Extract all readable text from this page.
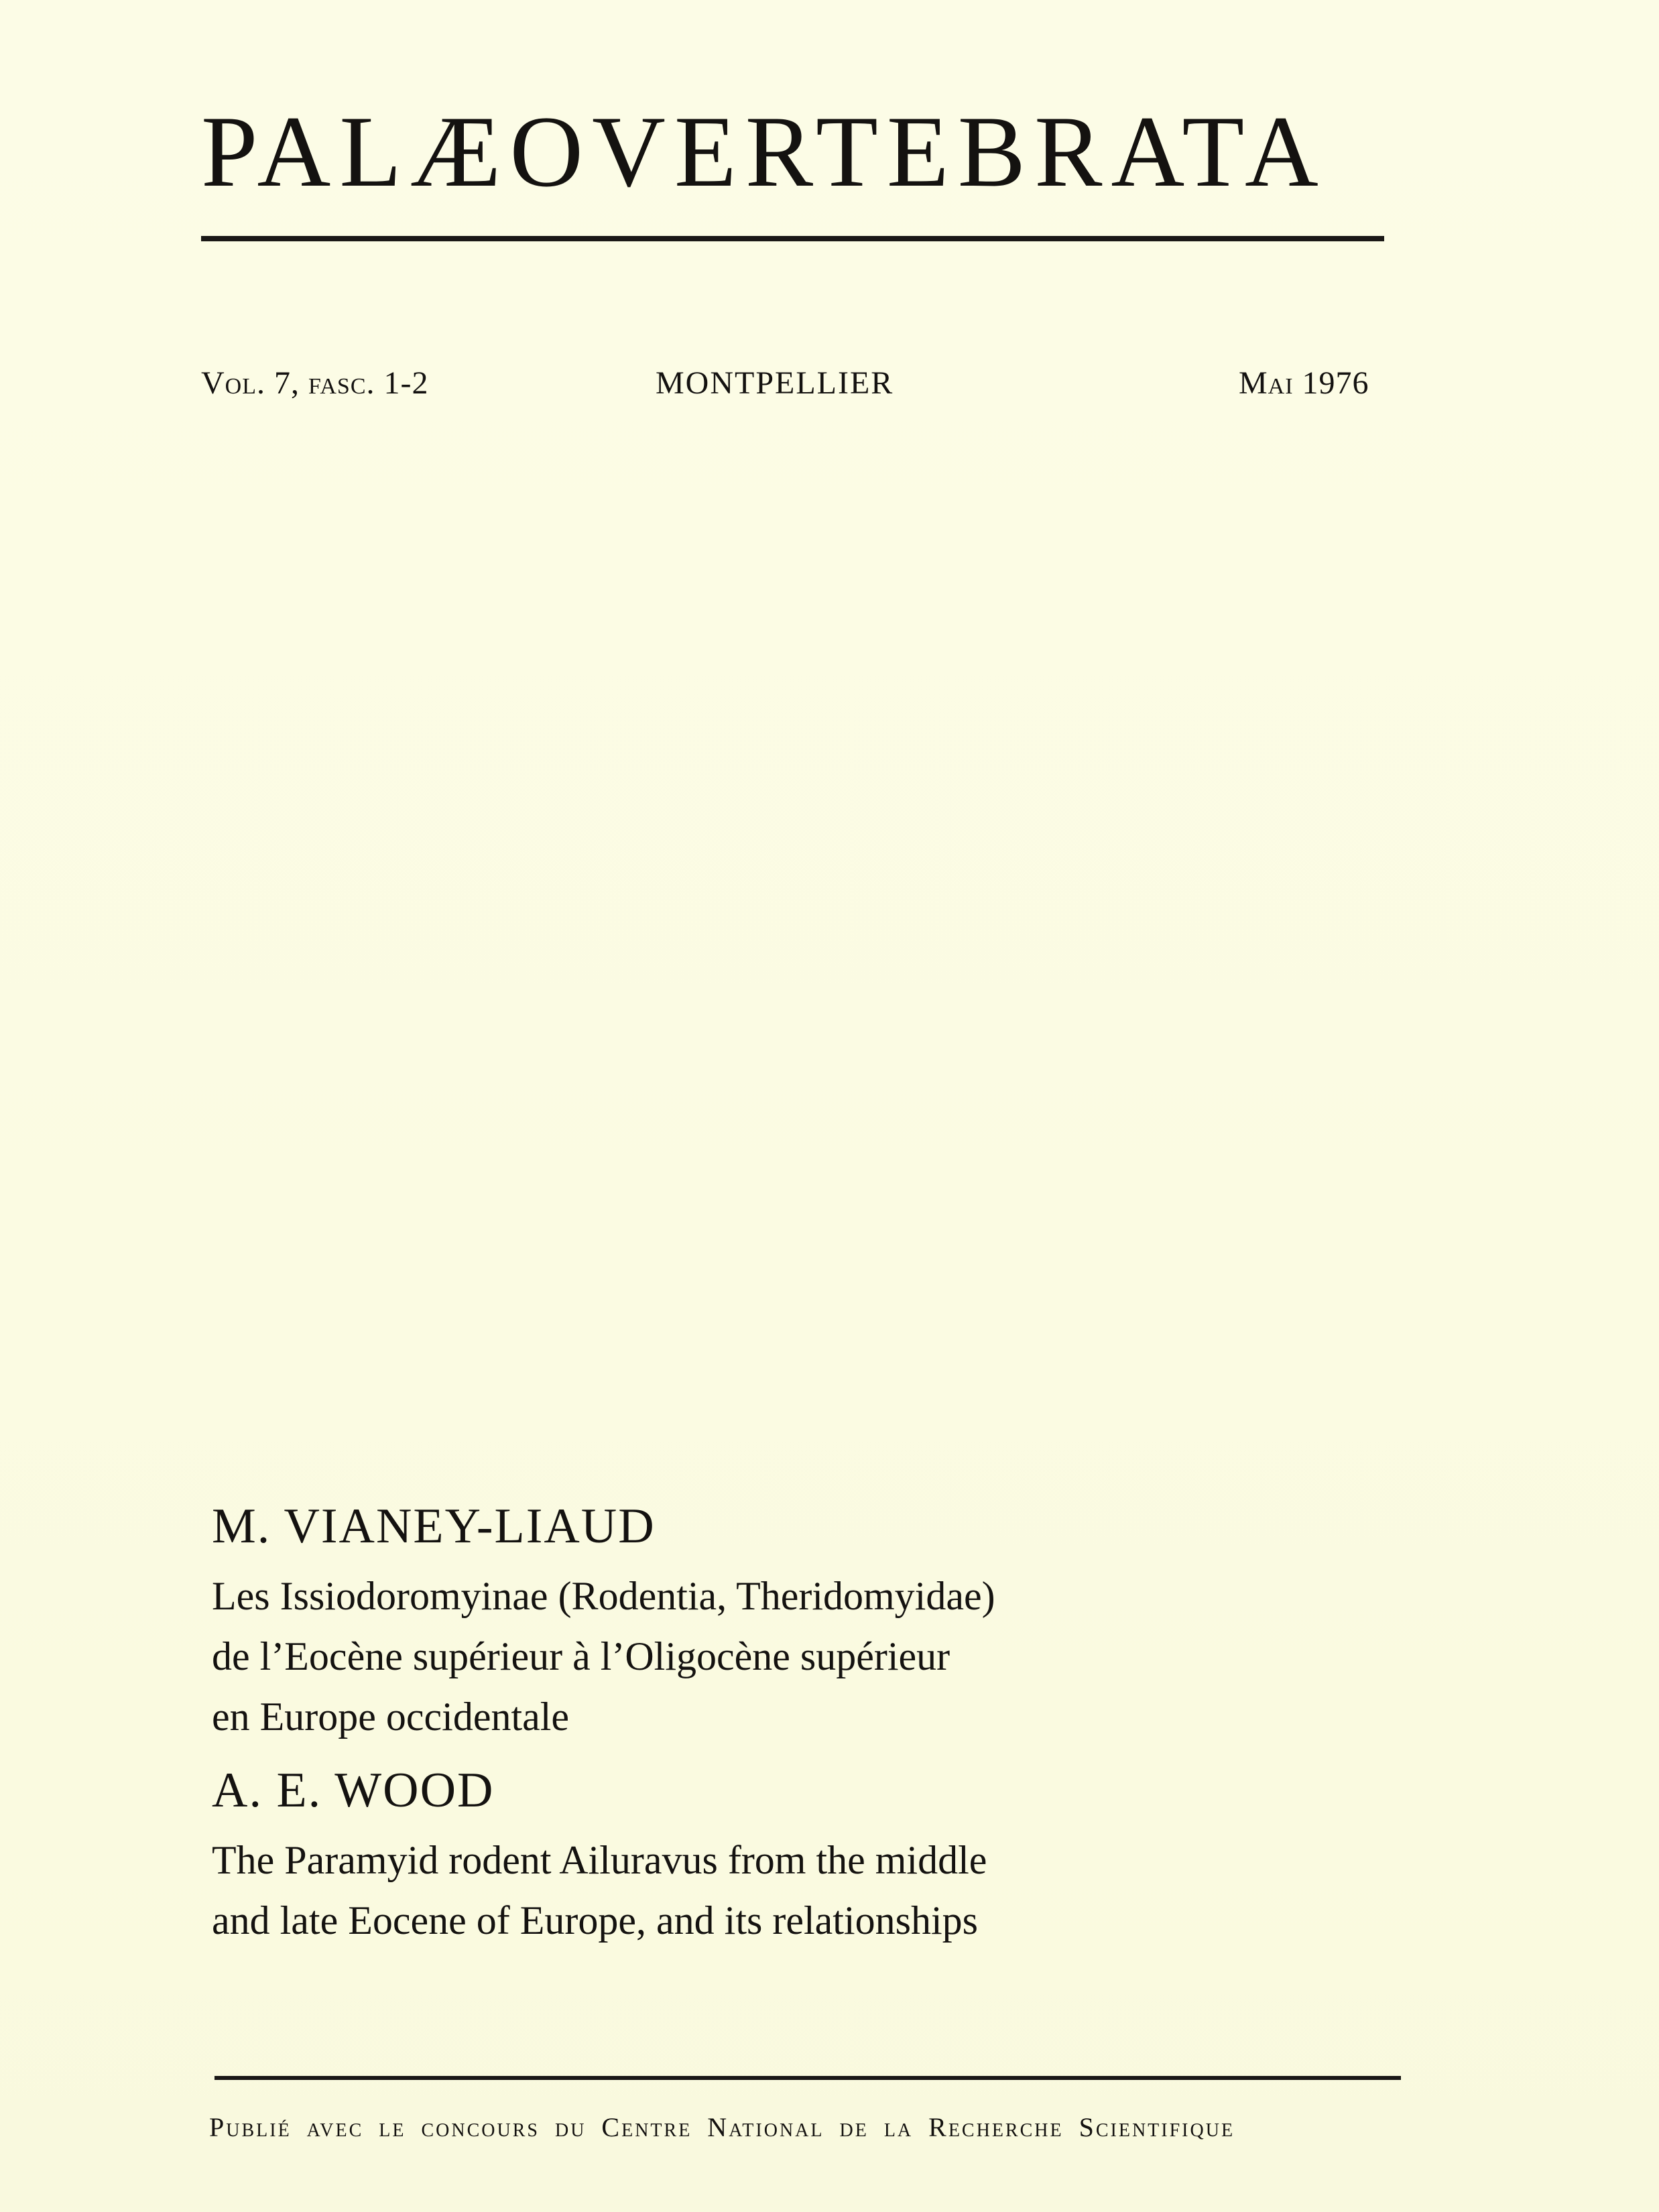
PALÆOVERTEBRATA
Vol. 7, fasc. 1-2	MONTPELLIER	Mai 1976

M. VIANEY-LIAUD

Les Issiodoromyinae (Rodentia, Theridomyidae)
de l’Eocène supérieur à l’Oligocène supérieur
en Europe occidentale

A. E. WOOD

The Paramyid rodent Ailuravus from the middle
and late Eocene of Europe, and its relationships

Publié avec le concours du Centre National de la Recherche Scientifique
